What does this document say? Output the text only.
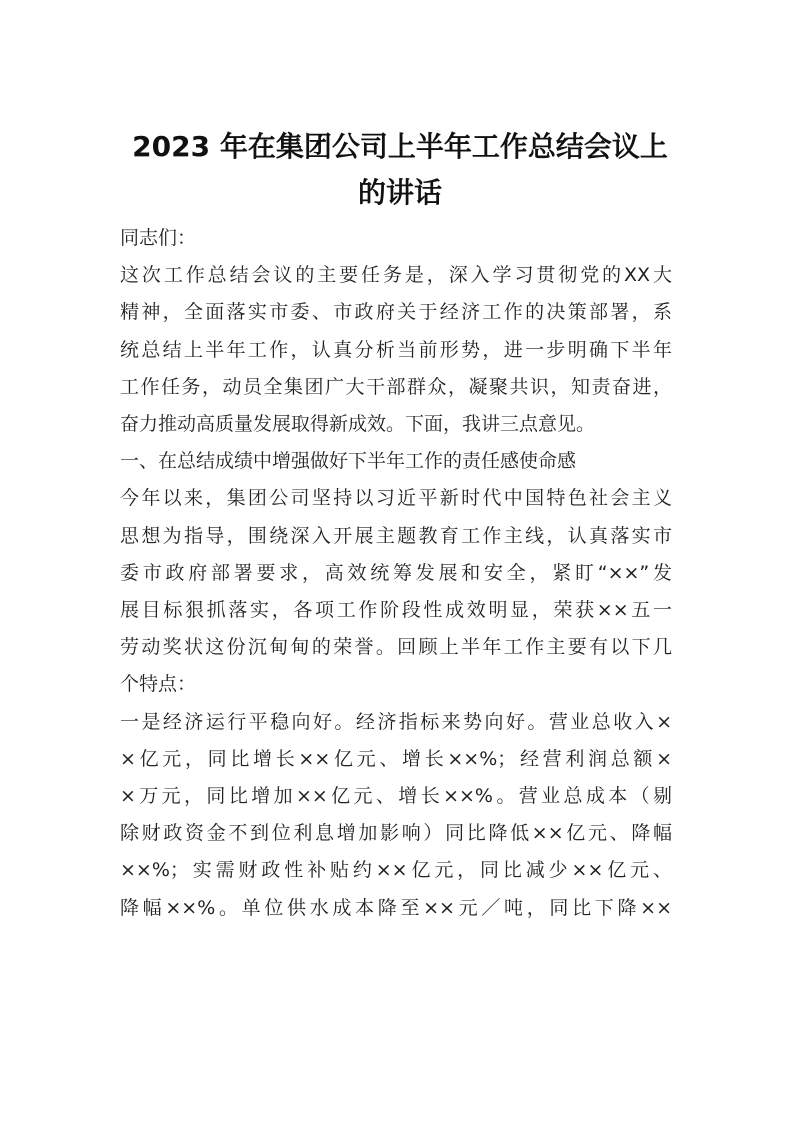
2023 年在集团公司上半年工作总结会议上
的讲话
同志们：
这次工作总结会议的主要任务是，深入学习贯彻党的XX大
精神，全面落实市委、市政府关于经济工作的决策部署，系
统总结上半年工作，认真分析当前形势，进一步明确下半年
工作任务，动员全集团广大干部群众，凝聚共识，知责奋进，
奋力推动高质量发展取得新成效。下面，我讲三点意见。
一、在总结成绩中增强做好下半年工作的责任感使命感
今年以来，集团公司坚持以习近平新时代中国特色社会主义
思想为指导，围绕深入开展主题教育工作主线，认真落实市
委市政府部署要求，高效统筹发展和安全，紧盯“××”发
展目标狠抓落实，各项工作阶段性成效明显，荣获××五一
劳动奖状这份沉甸甸的荣誉。回顾上半年工作主要有以下几
个特点：
一是经济运行平稳向好。经济指标来势向好。营业总收入×
×亿元，同比增长××亿元、增长××%；经营利润总额×
×万元，同比增加××亿元、增长××%。营业总成本（剔
除财政资金不到位利息增加影响）同比降低××亿元、降幅
××%；实需财政性补贴约××亿元，同比减少××亿元、
降幅××%。单位供水成本降至××元／吨，同比下降××
